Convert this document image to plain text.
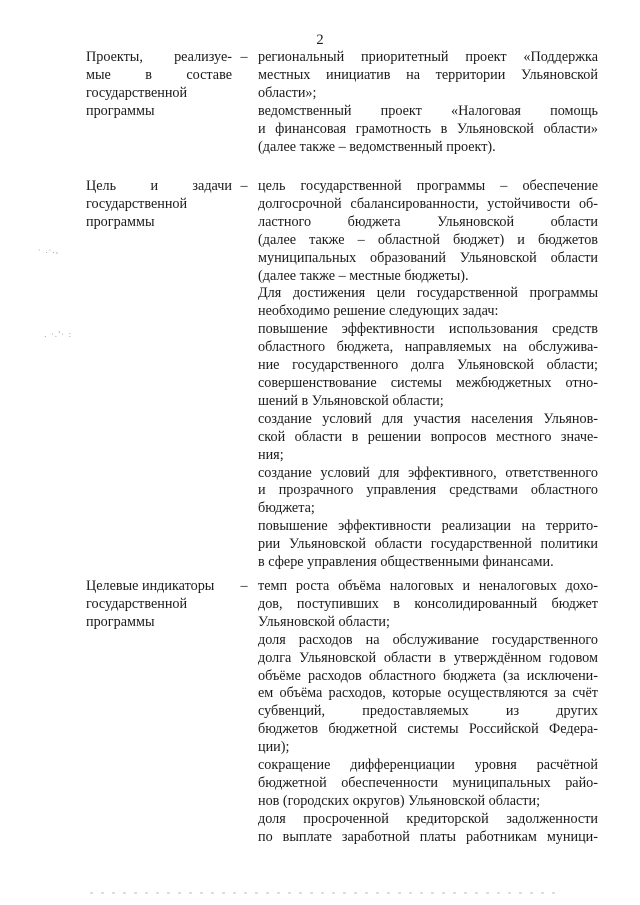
2
Проекты, реализуе-
мые в составе
государственной
программы
– региональный приоритетный проект «Поддержка
местных инициатив на территории Ульяновской
области»;
ведомственный проект «Налоговая помощь
и финансовая грамотность в Ульяновской области»
(далее также – ведомственный проект).
Цель и задачи
государственной
программы
– цель государственной программы – обеспечение
долгосрочной сбалансированности, устойчивости об-
ластного бюджета Ульяновской области
(далее также – областной бюджет) и бюджетов
муниципальных образований Ульяновской области
(далее также – местные бюджеты).
Для достижения цели государственной программы
необходимо решение следующих задач:
повышение эффективности использования средств
областного бюджета, направляемых на обслужива-
ние государственного долга Ульяновской области;
совершенствование системы межбюджетных отно-
шений в Ульяновской области;
создание условий для участия населения Ульянов-
ской области в решении вопросов местного значе-
ния;
создание условий для эффективного, ответственного
и прозрачного управления средствами областного
бюджета;
повышение эффективности реализации на террито-
рии Ульяновской области государственной политики
в сфере управления общественными финансами.
Целевые индикаторы
государственной
программы
– темп роста объёма налоговых и неналоговых дохо-
дов, поступивших в консолидированный бюджет
Ульяновской области;
доля расходов на обслуживание государственного
долга Ульяновской области в утверждённом годовом
объёме расходов областного бюджета (за исключени-
ем объёма расходов, которые осуществляются за счёт
субвенций, предоставляемых из других
бюджетов бюджетной системы Российской Федера-
ции);
сокращение дифференциации уровня расчётной
бюджетной обеспеченности муниципальных райо-
нов (городских округов) Ульяновской области;
доля просроченной кредиторской задолженности
по выплате заработной платы работникам муници-
· .·.,
. ·.'· :
